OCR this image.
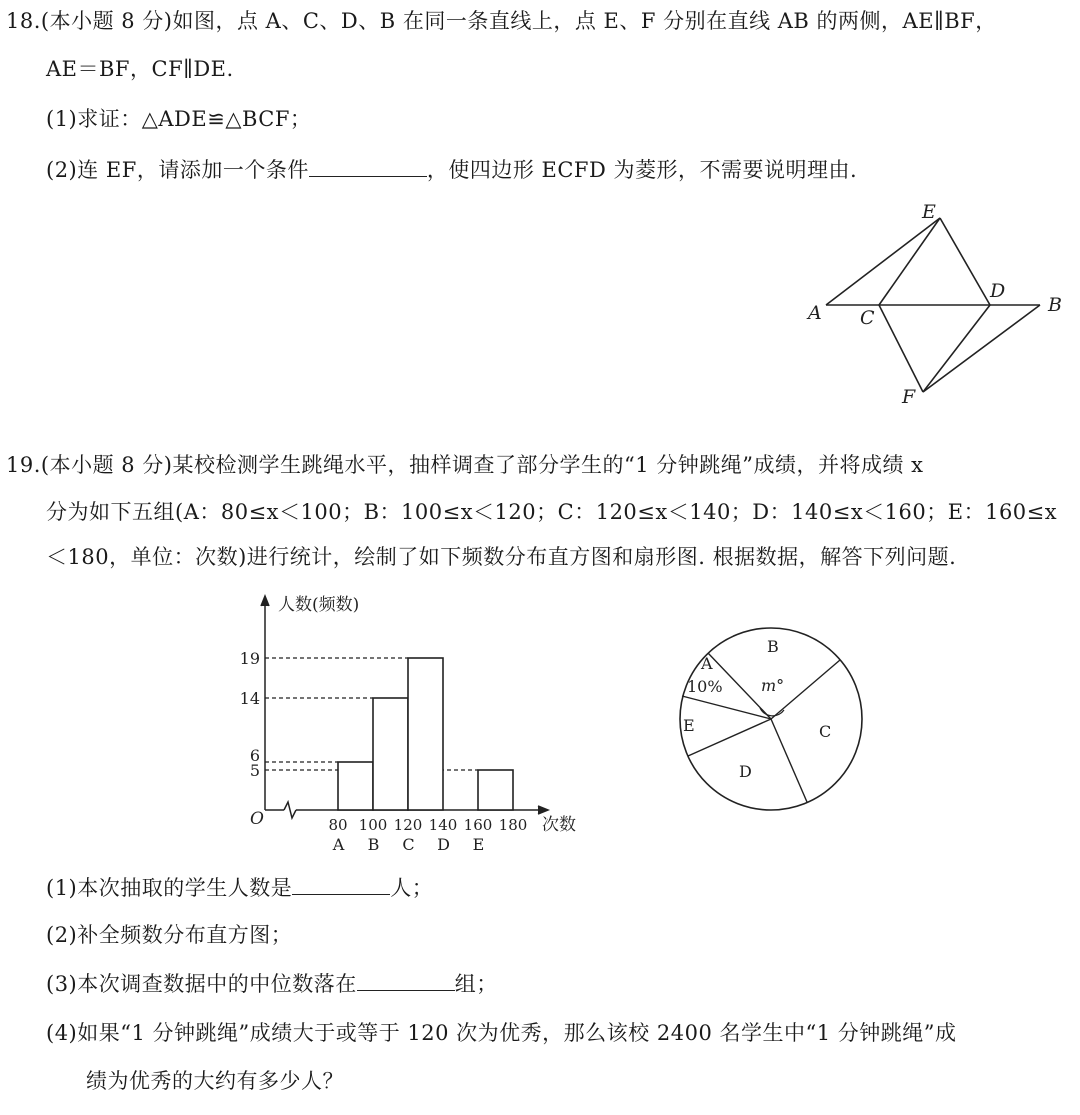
18.(本小题 8 分)如图，点 A、C、D、B 在同一条直线上，点 E、F 分别在直线 AB 的两侧，AE∥BF，
AE＝BF，CF∥DE.
(1)求证：△ADE≌△BCF；
(2)连 EF，请添加一个条件	，使四边形 ECFD 为菱形，不需要说明理由.
E
A C
D
B
F
19.(本小题 8 分)某校检测学生跳绳水平，抽样调查了部分学生的“1 分钟跳绳”成绩，并将成绩 x
分为如下五组(A：80≤x＜100；B：100≤x＜120；C：120≤x＜140；D：140≤x＜160；E：160≤x
＜180，单位：次数)进行统计，绘制了如下频数分布直方图和扇形图. 根据数据，解答下列问题.
5
6
14
19
80 100 120 140 160 180
A B C D E
人数(频数)
次数
O
A
10%
B
m°
C
D
E
(1)本次抽取的学生人数是	人；
(2)补全频数分布直方图；
(3)本次调查数据中的中位数落在	组；
(4)如果“1 分钟跳绳”成绩大于或等于 120 次为优秀，那么该校 2400 名学生中“1 分钟跳绳”成
绩为优秀的大约有多少人？
